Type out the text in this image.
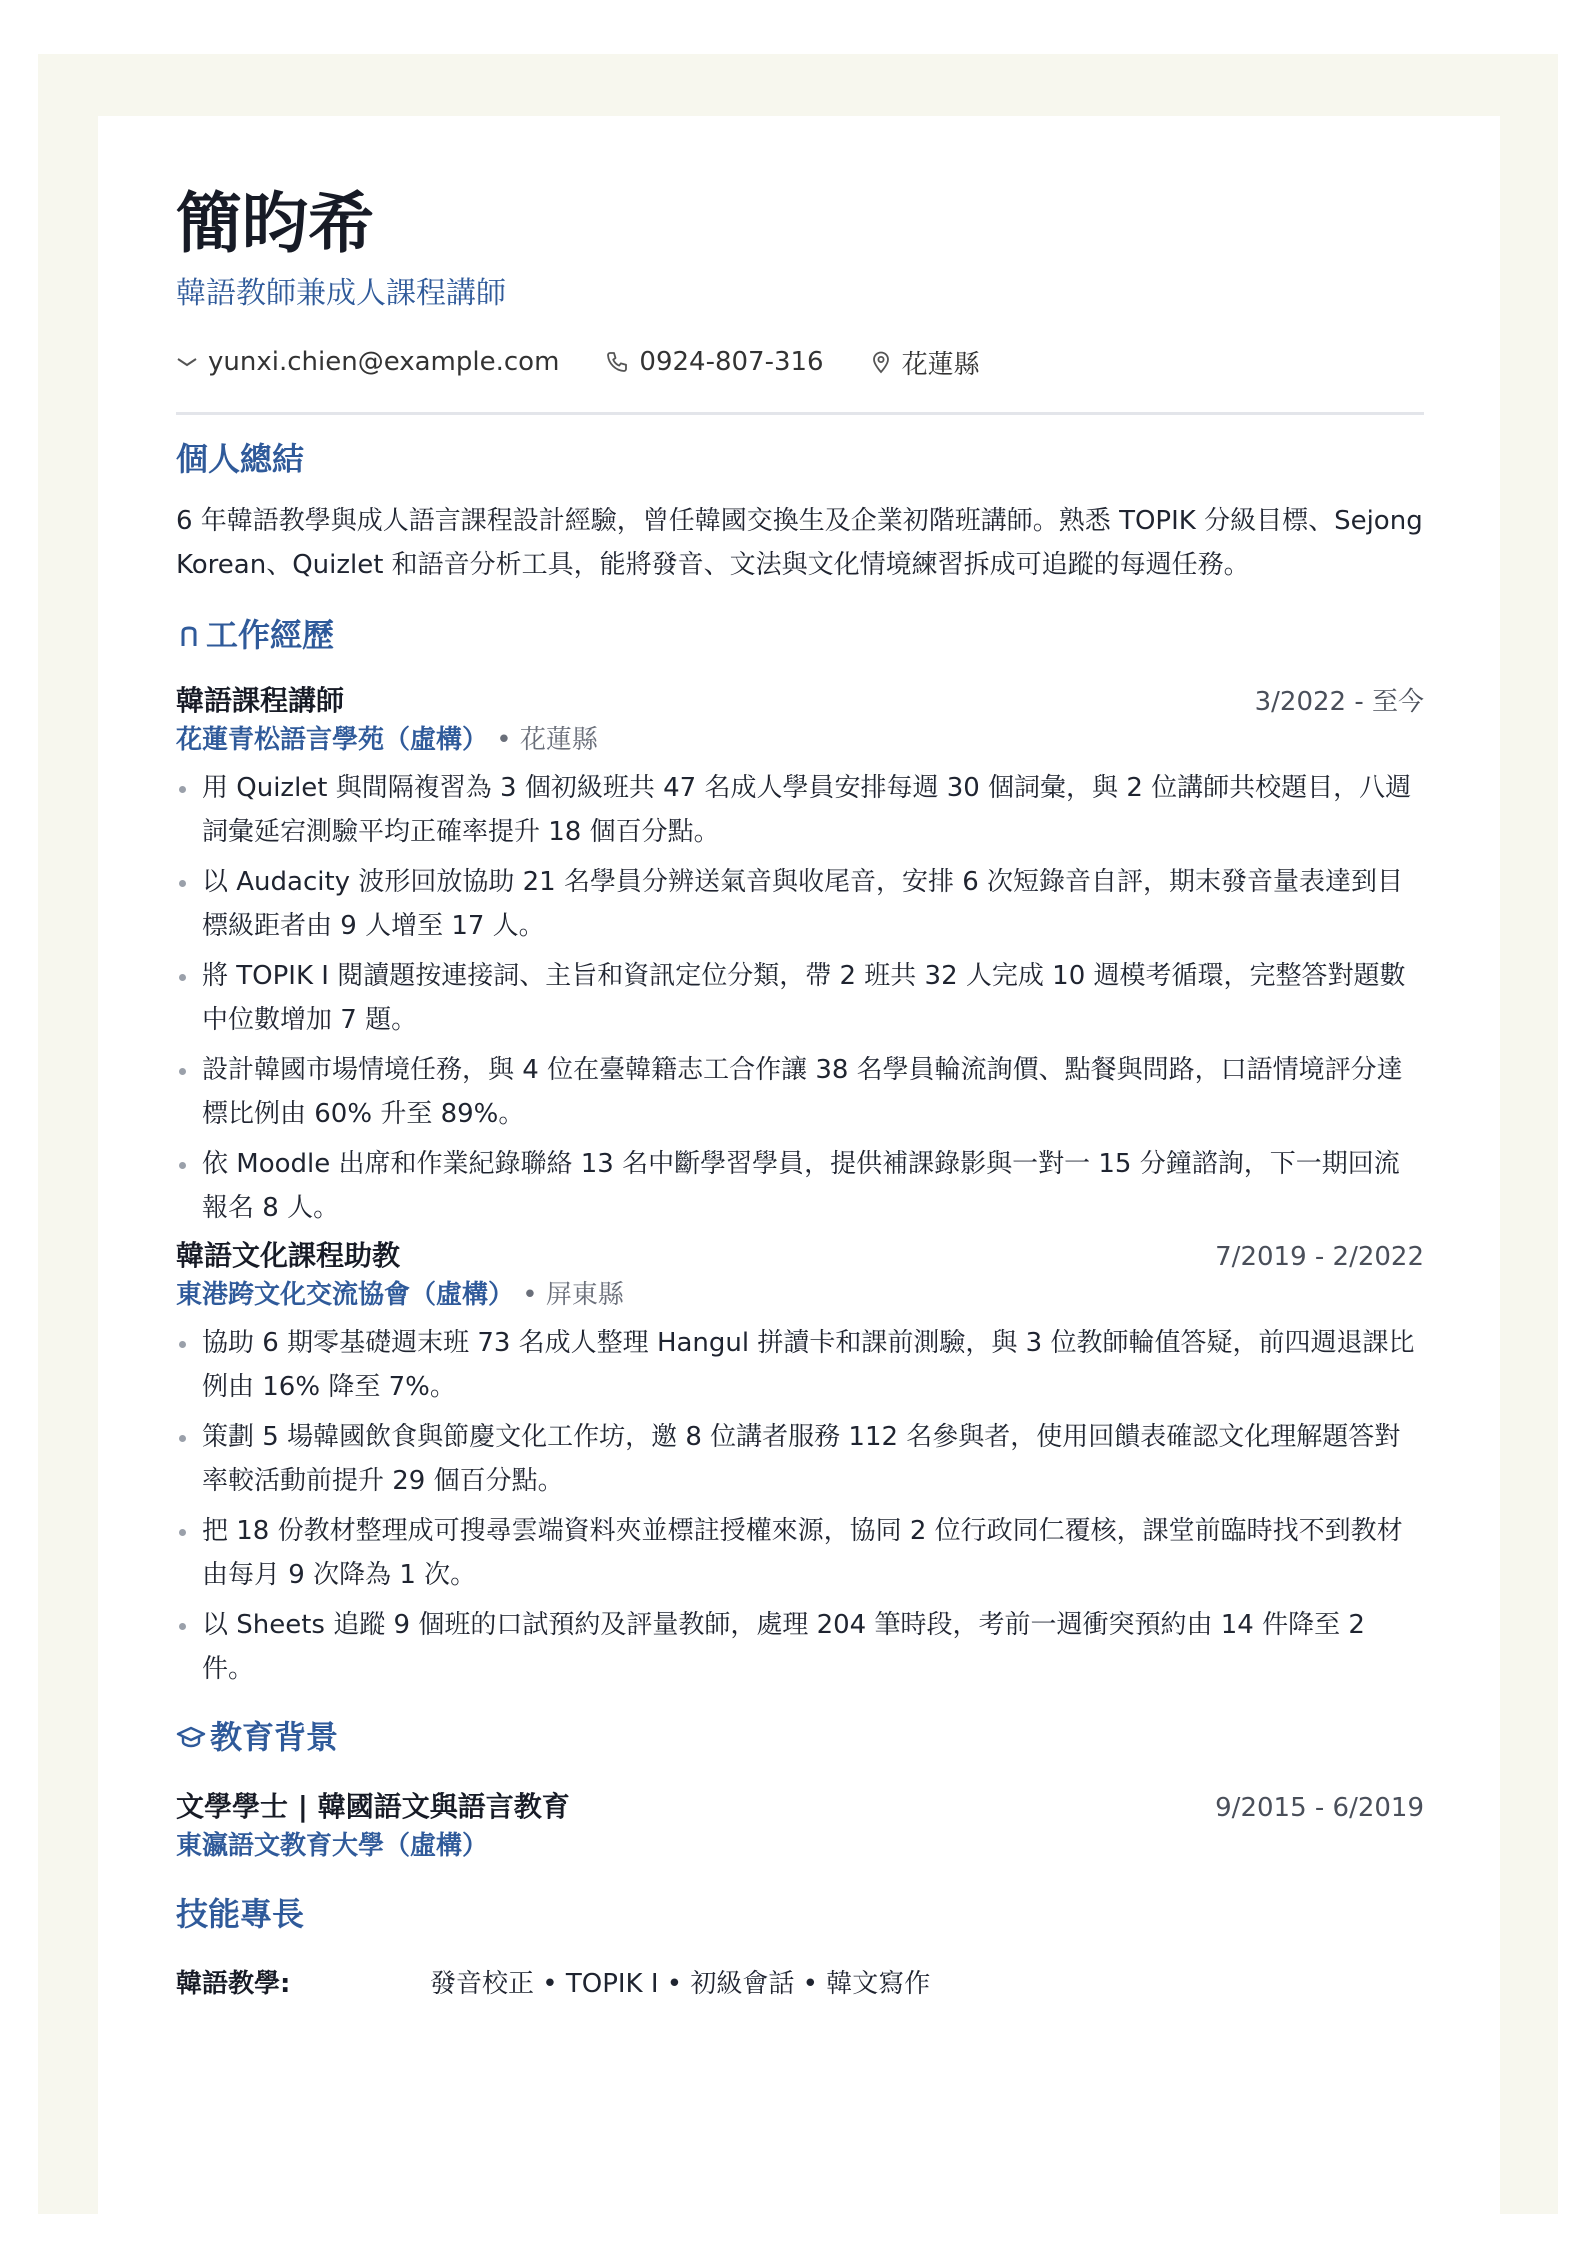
簡昀希
韓語教師兼成人課程講師
yunxi.chien@example.com	0924-807-316	花蓮縣
個人總結
6 年韓語教學與成人語言課程設計經驗，曾任韓國交換生及企業初階班講師。熟悉 TOPIK 分級目標、Sejong Korean、Quizlet 和語音分析工具，能將發音、文法與文化情境練習拆成可追蹤的每週任務。
工作經歷
韓語課程講師	3/2022 - 至今
花蓮青松語言學苑（虛構） • 花蓮縣
用 Quizlet 與間隔複習為 3 個初級班共 47 名成人學員安排每週 30 個詞彙，與 2 位講師共校題目，八週詞彙延宕測驗平均正確率提升 18 個百分點。
以 Audacity 波形回放協助 21 名學員分辨送氣音與收尾音，安排 6 次短錄音自評，期末發音量表達到目標級距者由 9 人增至 17 人。
將 TOPIK I 閱讀題按連接詞、主旨和資訊定位分類，帶 2 班共 32 人完成 10 週模考循環，完整答對題數中位數增加 7 題。
設計韓國市場情境任務，與 4 位在臺韓籍志工合作讓 38 名學員輪流詢價、點餐與問路，口語情境評分達標比例由 60% 升至 89%。
依 Moodle 出席和作業紀錄聯絡 13 名中斷學習學員，提供補課錄影與一對一 15 分鐘諮詢，下一期回流報名 8 人。
韓語文化課程助教	7/2019 - 2/2022
東港跨文化交流協會（虛構） • 屏東縣
協助 6 期零基礎週末班 73 名成人整理 Hangul 拼讀卡和課前測驗，與 3 位教師輪值答疑，前四週退課比例由 16% 降至 7%。
策劃 5 場韓國飲食與節慶文化工作坊，邀 8 位講者服務 112 名參與者，使用回饋表確認文化理解題答對率較活動前提升 29 個百分點。
把 18 份教材整理成可搜尋雲端資料夾並標註授權來源，協同 2 位行政同仁覆核，課堂前臨時找不到教材由每月 9 次降為 1 次。
以 Sheets 追蹤 9 個班的口試預約及評量教師，處理 204 筆時段，考前一週衝突預約由 14 件降至 2 件。
教育背景
文學學士 | 韓國語文與語言教育	9/2015 - 6/2019
東瀛語文教育大學（虛構）
技能專長
韓語教學:	發音校正 • TOPIK I • 初級會話 • 韓文寫作
